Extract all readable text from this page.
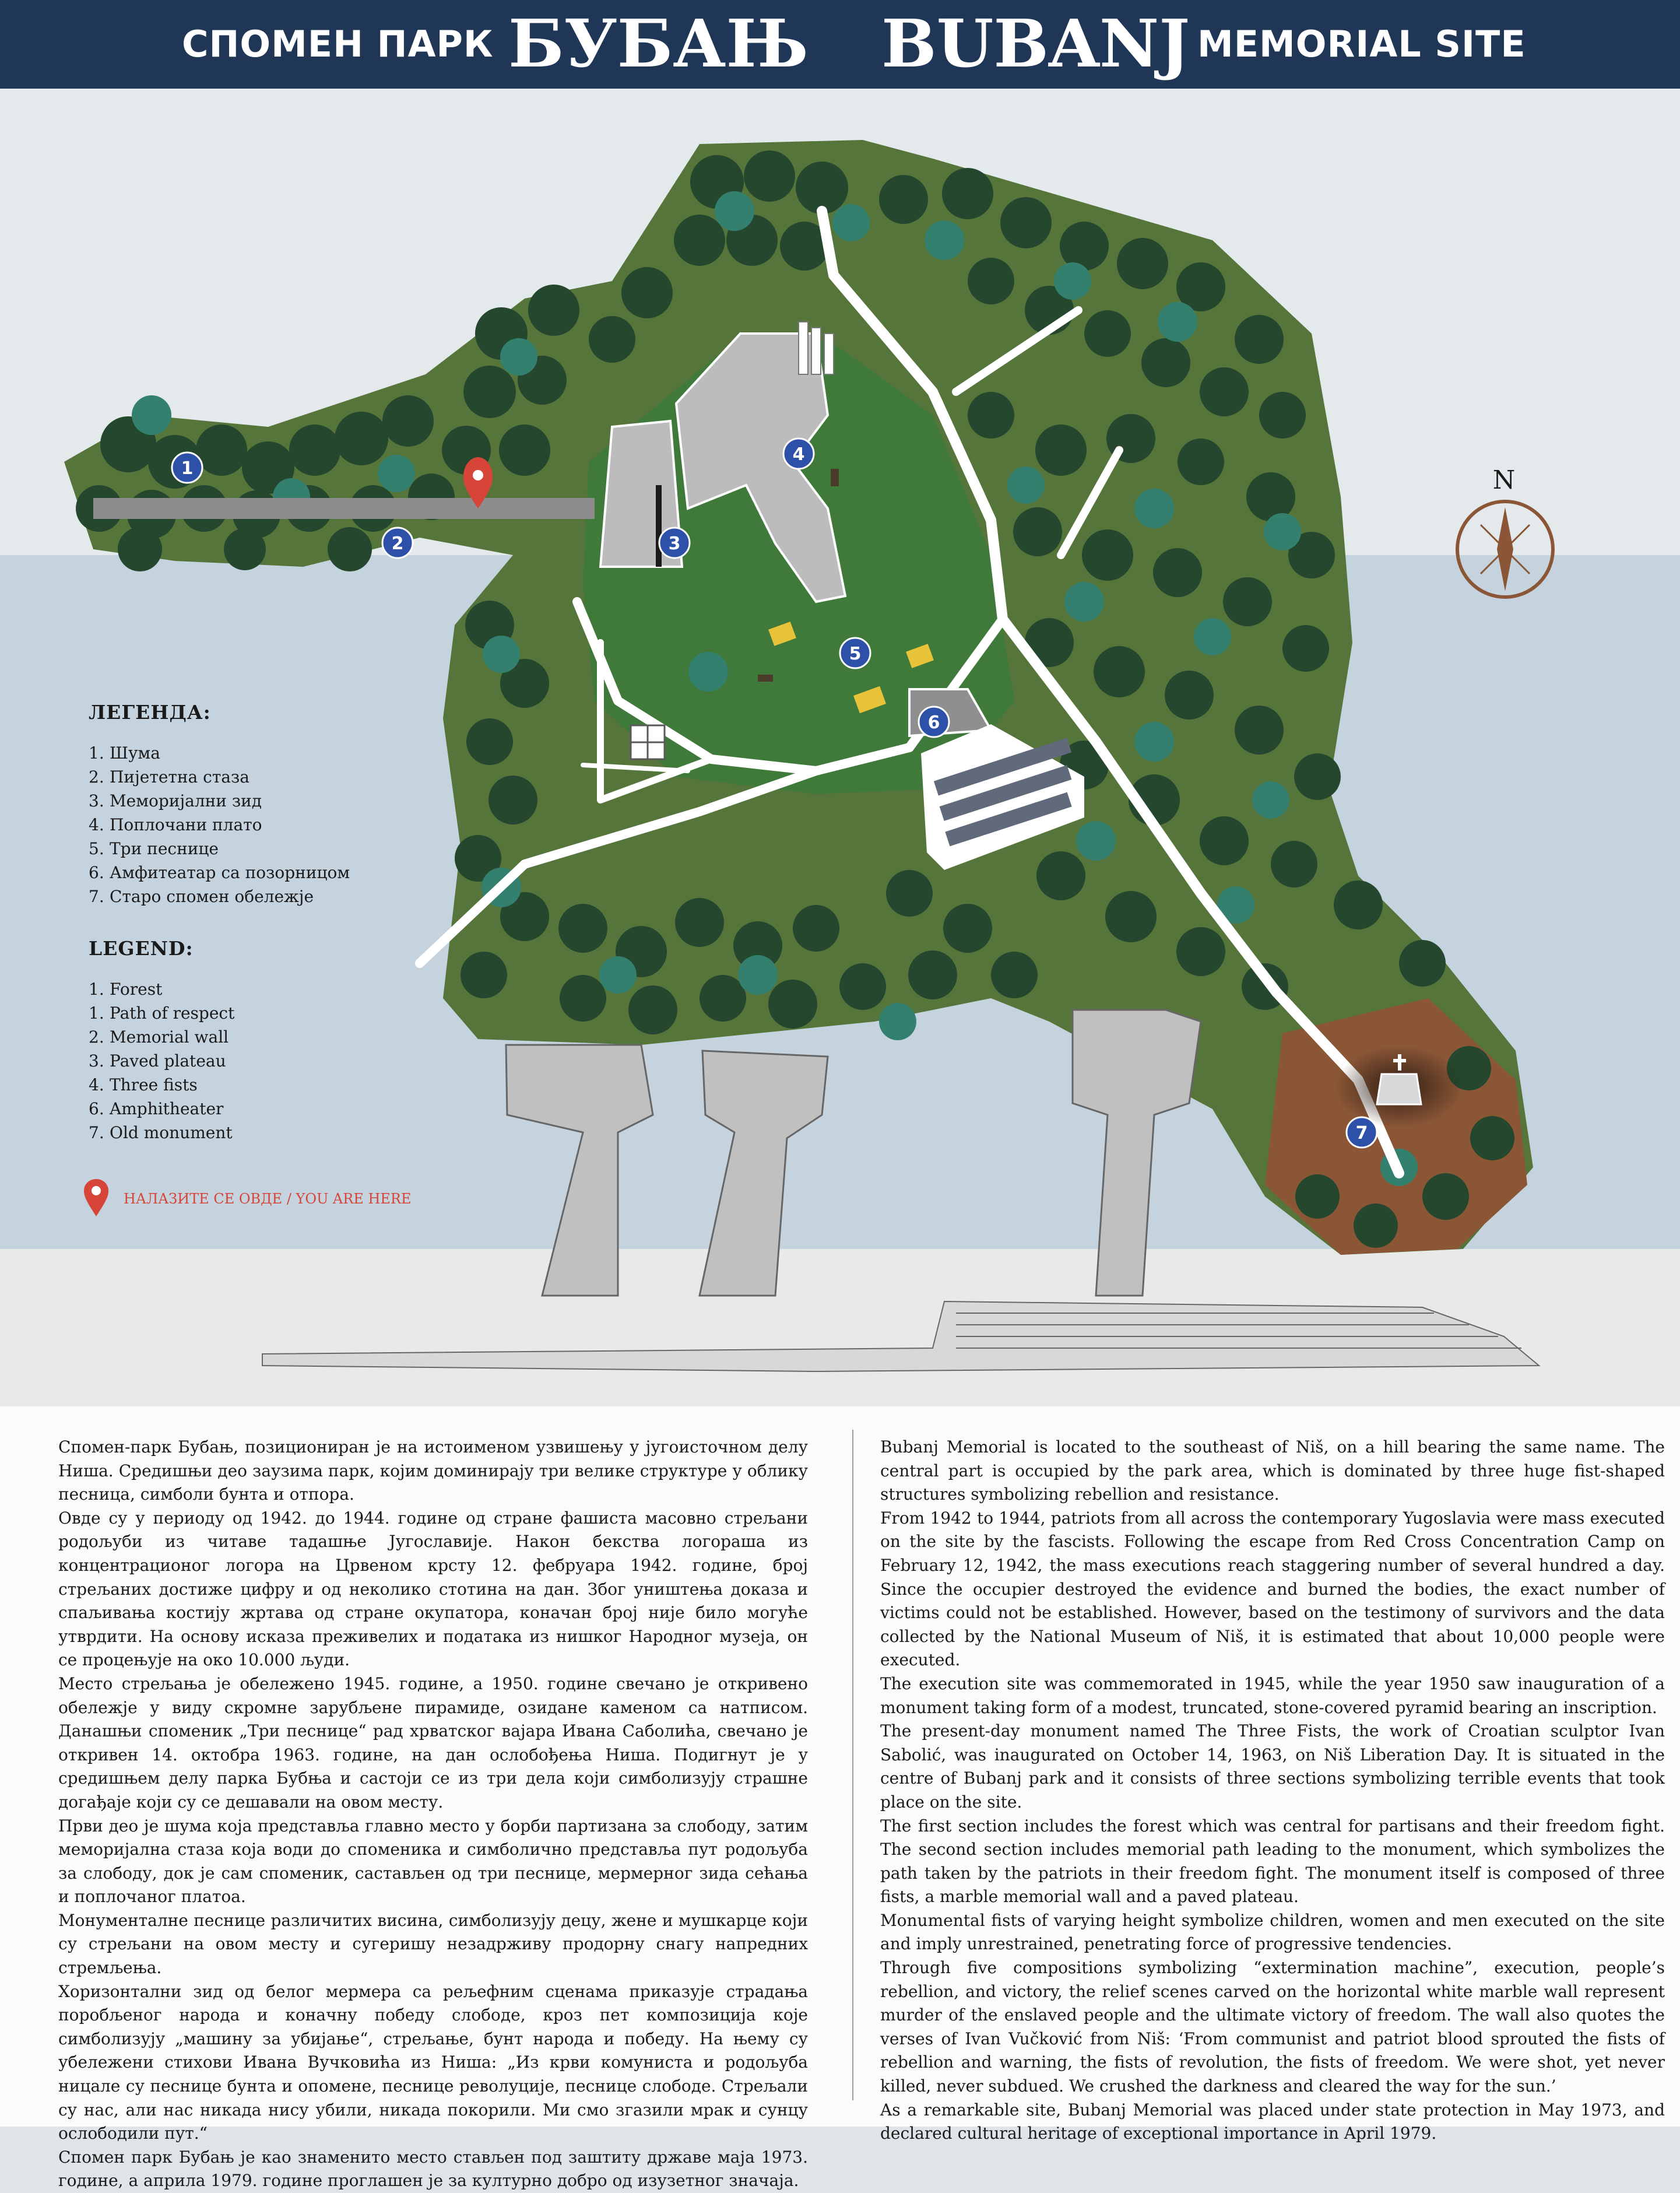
СПОМЕН ПАРК БУБАЊ BUBANJ MEMORIAL SITE
1
2	3
4
5
6
7
N
ЛЕГЕНДА:
1. Шума
2. Пијететна стаза
3. Меморијални зид
4. Поплочани плато
5. Три песнице
6. Амфитеатар са позорницом
7. Старо спомен обележје
LEGEND:
1. Forest
1. Path of respect
2. Memorial wall
3. Paved plateau
4. Three fists
6. Amphitheater
7. Old monument
НАЛАЗИТЕ СЕ ОВДЕ / YOU ARE HERE

Спомен-парк Бубањ, позициониран је на истоименом узвишењу у југоисточном делу Ниша. Средишњи део заузима парк, којим доминирају три велике структуре у облику песница, симболи бунта и отпора.

Овде су у периоду од 1942. до 1944. године од стране фашиста масовно стрељани родољуби из читаве тадашње Југославије. Након бекства логораша из концентрационог логора на Црвеном крсту 12. фебруара 1942. године, број стрељаних достиже цифру и од неколико стотина на дан. Због уништења доказа и спаљивања костију жртава од стране окупатора, коначан број није било могуће утврдити. На основу исказа преживелих и података из нишког Народног музеја, он се процењује на око 10.000 људи.

Место стрељања је обележено 1945. године, а 1950. године свечано је откривено обележје у виду скромне зарубљене пирамиде, озидане каменом са натписом. Данашњи споменик „Три песнице“ рад хрватског вајара Ивана Саболића, свечано је откривен 14. октобра 1963. године, на дан ослобођења Ниша. Подигнут је у средишњем делу парка Бубња и састоји се из три дела који симболизују страшне догађаје који су се дешавали на овом месту.

Први део је шума која представља главно место у борби партизана за слободу, затим меморијална стаза која води до споменика и симболично представља пут родољуба за слободу, док је сам споменик, састављен од три песнице, мермерног зида сећања и поплочаног платоа.

Монументалне песнице различитих висина, симболизују децу, жене и мушкарце који су стрељани на овом месту и сугеришу незадрживу продорну снагу напредних стремљења.

Хоризонтални зид од белог мермера са рељефним сценама приказује страдања поробљеног народа и коначну победу слободе, кроз пет композиција које симболизују „машину за убијање“, стрељање, бунт народа и победу. На њему су убележени стихови Ивана Вучковића из Ниша: „Из крви комуниста и родољуба ницале су песнице бунта и опомене, песнице револуције, песнице слободе. Стрељали су нас, али нас никада нису убили, никада покорили. Ми смо згазили мрак и сунцу ослободили пут.“

Спомен парк Бубањ је као знаменито место стављен под заштиту државе маја 1973. године, а априла 1979. године проглашен је за културно добро од изузетног значаја.

Bubanj Memorial is located to the southeast of Niš, on a hill bearing the same name. The central part is occupied by the park area, which is dominated by three huge fist-shaped structures symbolizing rebellion and resistance.

From 1942 to 1944, patriots from all across the contemporary Yugoslavia were mass executed on the site by the fascists. Following the escape from Red Cross Concentration Camp on February 12, 1942, the mass executions reach staggering number of several hundred a day. Since the occupier destroyed the evidence and burned the bodies, the exact number of victims could not be established. However, based on the testimony of survivors and the data collected by the National Museum of Niš, it is estimated that about 10,000 people were executed.

The execution site was commemorated in 1945, while the year 1950 saw inauguration of a monument taking form of a modest, truncated, stone-covered pyramid bearing an inscription.

The present-day monument named The Three Fists, the work of Croatian sculptor Ivan Sabolić, was inaugurated on October 14, 1963, on Niš Liberation Day. It is situated in the centre of Bubanj park and it consists of three sections symbolizing terrible events that took place on the site.

The first section includes the forest which was central for partisans and their freedom fight. The second section includes memorial path leading to the monument, which symbolizes the path taken by the patriots in their freedom fight. The monument itself is composed of three fists, a marble memorial wall and a paved plateau.

Monumental fists of varying height symbolize children, women and men executed on the site and imply unrestrained, penetrating force of progressive tendencies.

Through five compositions symbolizing “extermination machine”, execution, people’s rebellion, and victory, the relief scenes carved on the horizontal white marble wall represent murder of the enslaved people and the ultimate victory of freedom. The wall also quotes the verses of Ivan Vučković from Niš: ‘From communist and patriot blood sprouted the fists of rebellion and warning, the fists of revolution, the fists of freedom. We were shot, yet never killed, never subdued. We crushed the darkness and cleared the way for the sun.’

As a remarkable site, Bubanj Memorial was placed under state protection in May 1973, and declared cultural heritage of exceptional importance in April 1979.
